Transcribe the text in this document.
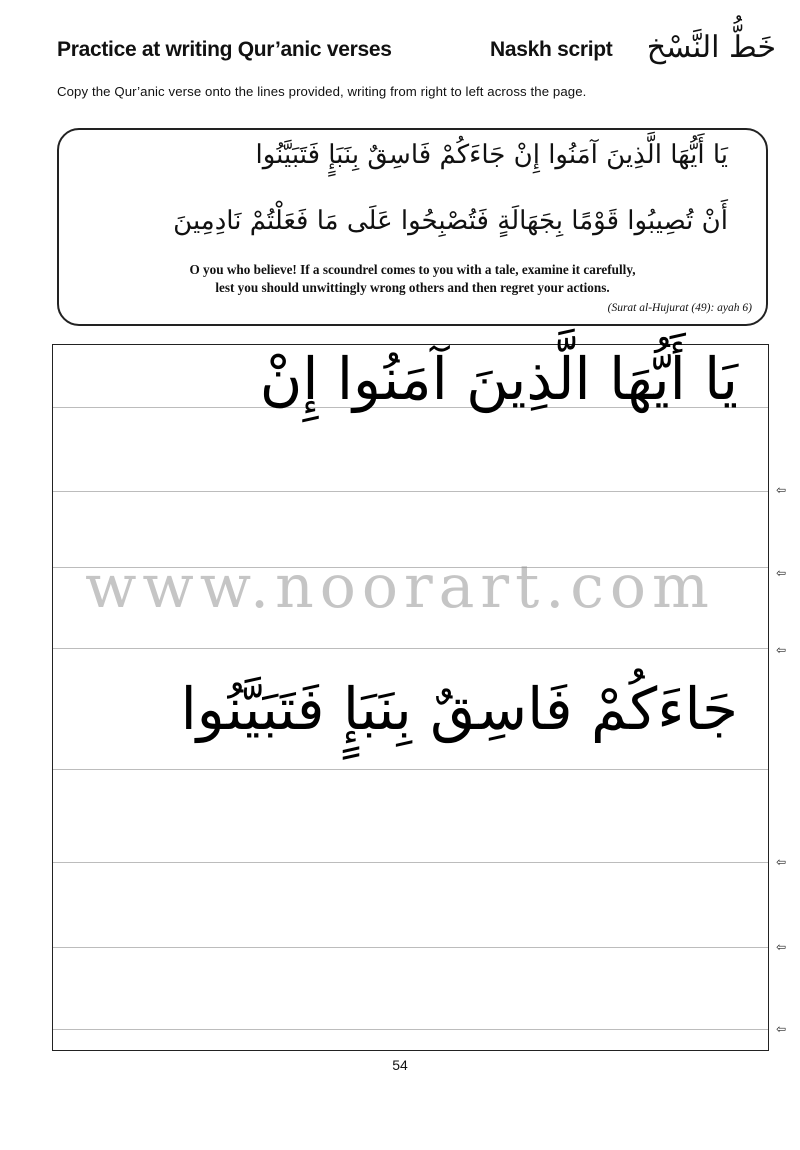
Practice at writing Qur’anic verses	Naskh script خَطُّ النَّسْخ
Copy the Qur’anic verse onto the lines provided, writing from right to left across the page.
يَا أَيُّهَا الَّذِينَ آمَنُوا إِنْ جَاءَكُمْ فَاسِقٌ بِنَبَإٍ فَتَبَيَّنُوا
أَنْ تُصِيبُوا قَوْمًا بِجَهَالَةٍ فَتُصْبِحُوا عَلَى مَا فَعَلْتُمْ نَادِمِينَ
O you who believe! If a scoundrel comes to you with a tale, examine it carefully,
lest you should unwittingly wrong others and then regret your actions.
(Surat al-Hujurat (49): ayah 6)
يَا أَيُّهَا الَّذِينَ آمَنُوا إِنْ
جَاءَكُمْ فَاسِقٌ بِنَبَإٍ فَتَبَيَّنُوا
⇦
⇦
⇦
⇦
⇦
⇦
www.noorart.com
54
